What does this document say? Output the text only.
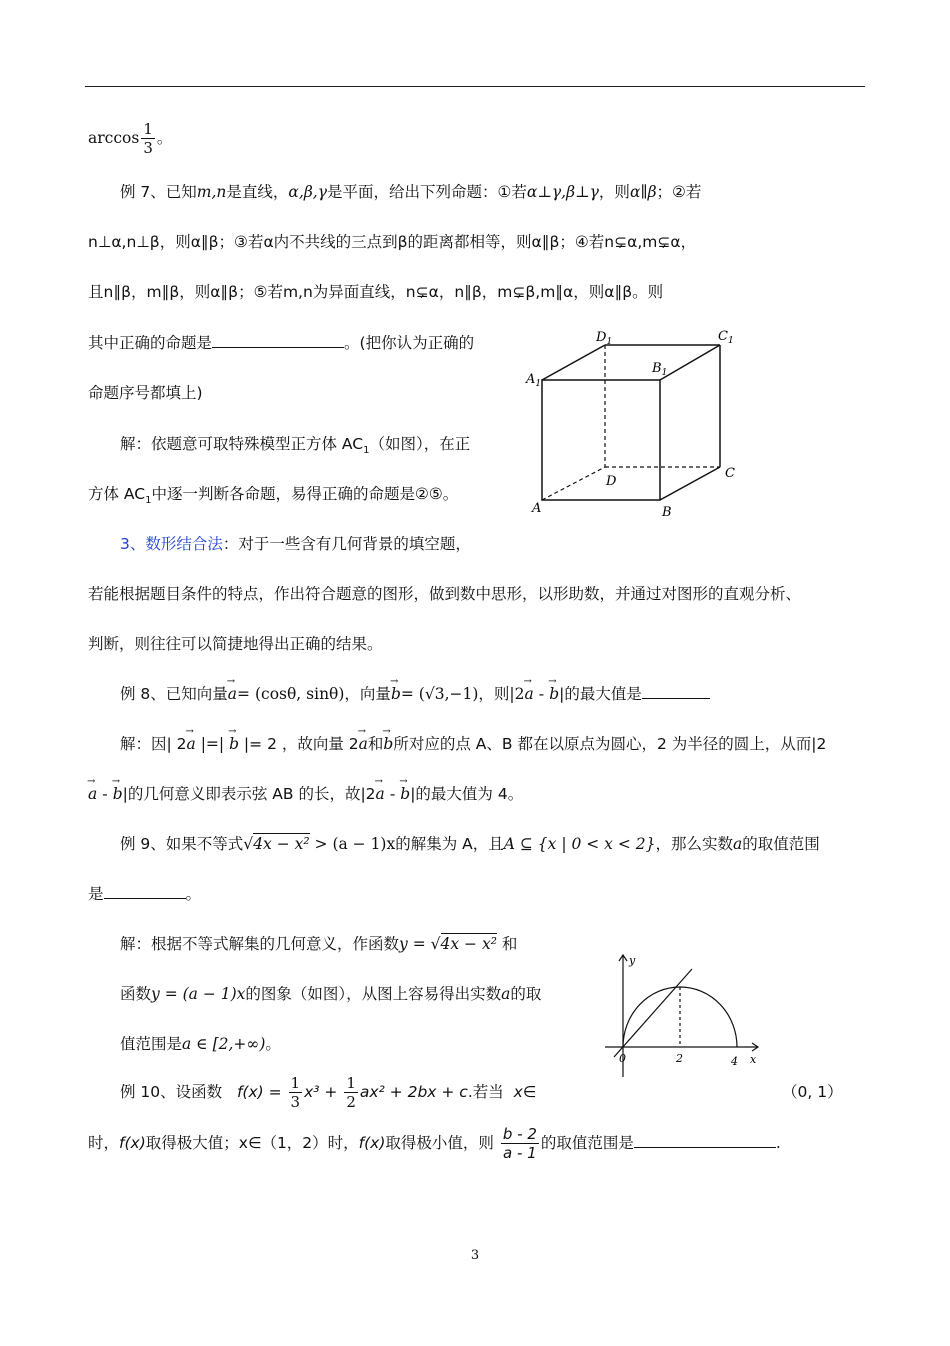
$\arccos \frac{1}{3}$ 。
例 7、已知m,n是直线，α,β,γ是平面，给出下列命题：①若α⊥γ,β⊥γ，则α∥β；②若
n⊥α,n⊥β，则α∥β；③若α内不共线的三点到β的距离都相等，则α∥β；④若n⊊α,m⊊α，
且n∥β，m∥β，则α∥β；⑤若m,n为异面直线，n⊊α，n∥β，m⊊β,m∥α，则α∥β。则
其中正确的命题是	。(把你认为正确的
命题序号都填上)
解：依题意可取特殊模型正方体 $AC_1$（如图），在正
方体 $AC_1$中逐一判断各命题，易得正确的命题是②⑤。
$D_1$	$C_1$
$A_1$
$B_1$
D
C
A	B
3、数形结合法：对于一些含有几何背景的填空题，
若能根据题目条件的特点，作出符合题意的图形，做到数中思形，以形助数，并通过对图形的直观分析、
判断，则往往可以简捷地得出正确的结果。
例 8、已知向量→ a= (cosθ, sinθ)，向量→ b= (√3,−1)，则|2→ a - → b|的最大值是
解：因| 2→ a |=| → b |= 2 ，故向量 2→ a和→ b所对应的点 A、B 都在以原点为圆心，2 为半径的圆上，从而|2
→ a - → b|的几何意义即表示弦 AB 的长，故|2→ a - → b|的最大值为 4。
例 9、如果不等式√4x − x² > (a − 1)x的解集为 A，且A ⊆ {x | 0 < x < 2}，那么实数a的取值范围
是	。
解：根据不等式解集的几何意义，作函数y = √4x − x² 和
函数y = (a − 1)x的图象（如图），从图上容易得出实数a的取
值范围是a ∈ [2,+∞)。
y
x
0	2	4
例 10、设函数 $f(x) = \frac{1}{3} x^3 + \frac{1}{2} ax^2 + 2bx + c$.若当 x∈	（0, 1）
时，f(x)取得极大值；x∈（1，2）时，f(x)取得极小值，则 $\frac{b - 2}{a - 1}$ 的取值范围是	.
3
